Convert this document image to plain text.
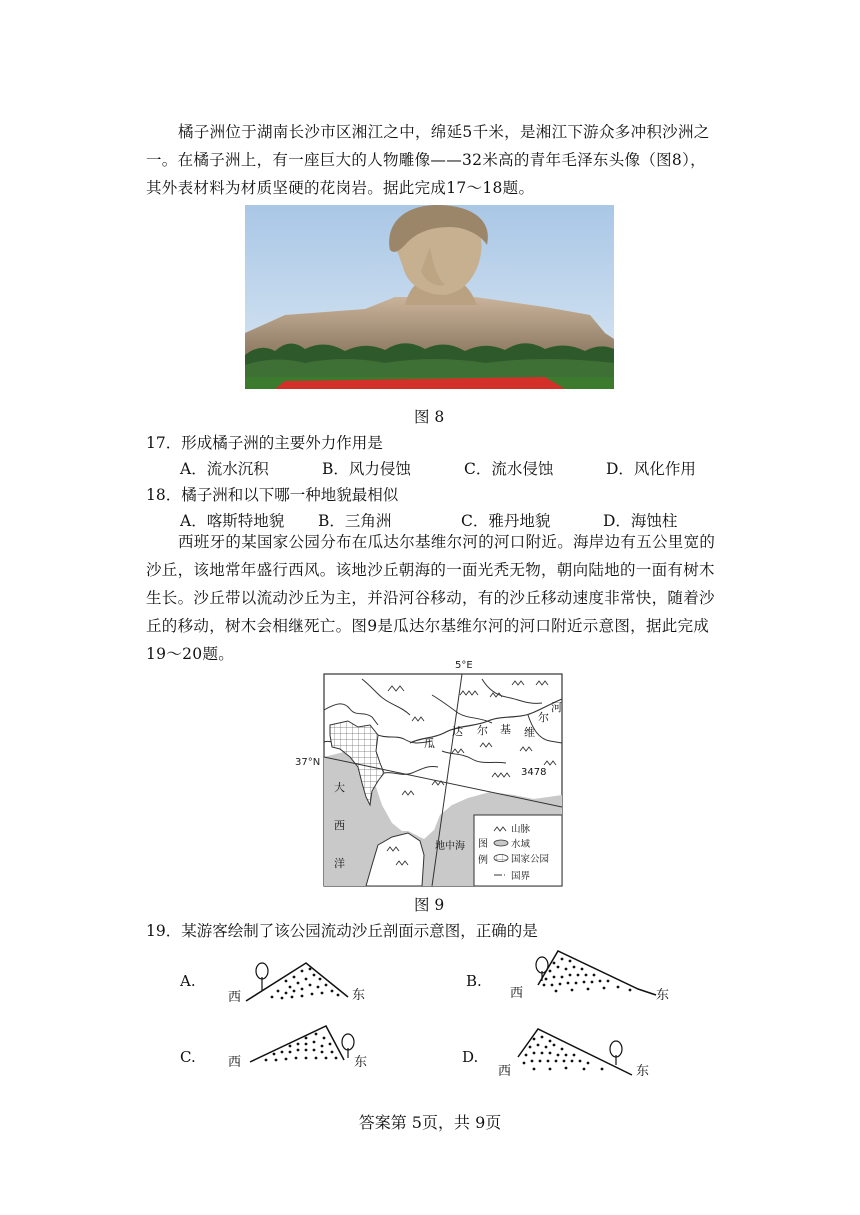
橘子洲位于湖南长沙市区湘江之中，绵延5千米，是湘江下游众多冲积沙洲之一。在橘子洲上，有一座巨大的人物雕像——32米高的青年毛泽东头像（图8），其外表材料为材质坚硬的花岗岩。据此完成17～18题。

图 8
17．形成橘子洲的主要外力作用是
A．流水沉积	B．风力侵蚀	C．流水侵蚀	D．风化作用
18．橘子洲和以下哪一种地貌最相似
A．喀斯特地貌 B．三角洲	C．雅丹地貌	D．海蚀柱

西班牙的某国家公园分布在瓜达尔基维尔河的河口附近。海岸边有五公里宽的沙丘，该地常年盛行西风。该地沙丘朝海的一面光秃无物，朝向陆地的一面有树木生长。沙丘带以流动沙丘为主，并沿河谷移动，有的沙丘移动速度非常快，随着沙丘的移动，树木会相继死亡。图9是瓜达尔基维尔河的河口附近示意图，据此完成19～20题。

5°E
37°N
瓜
达 尔 基 维
尔
河
3478
大
西
洋
地中海 图
例
山脉
水域
国家公园
国界
图 9
19．某游客绘制了该公园流动沙丘剖面示意图，正确的是
A.
西	东
B.
西	东
C. 西	东	D.
西	东
答案第 5页，共 9页
